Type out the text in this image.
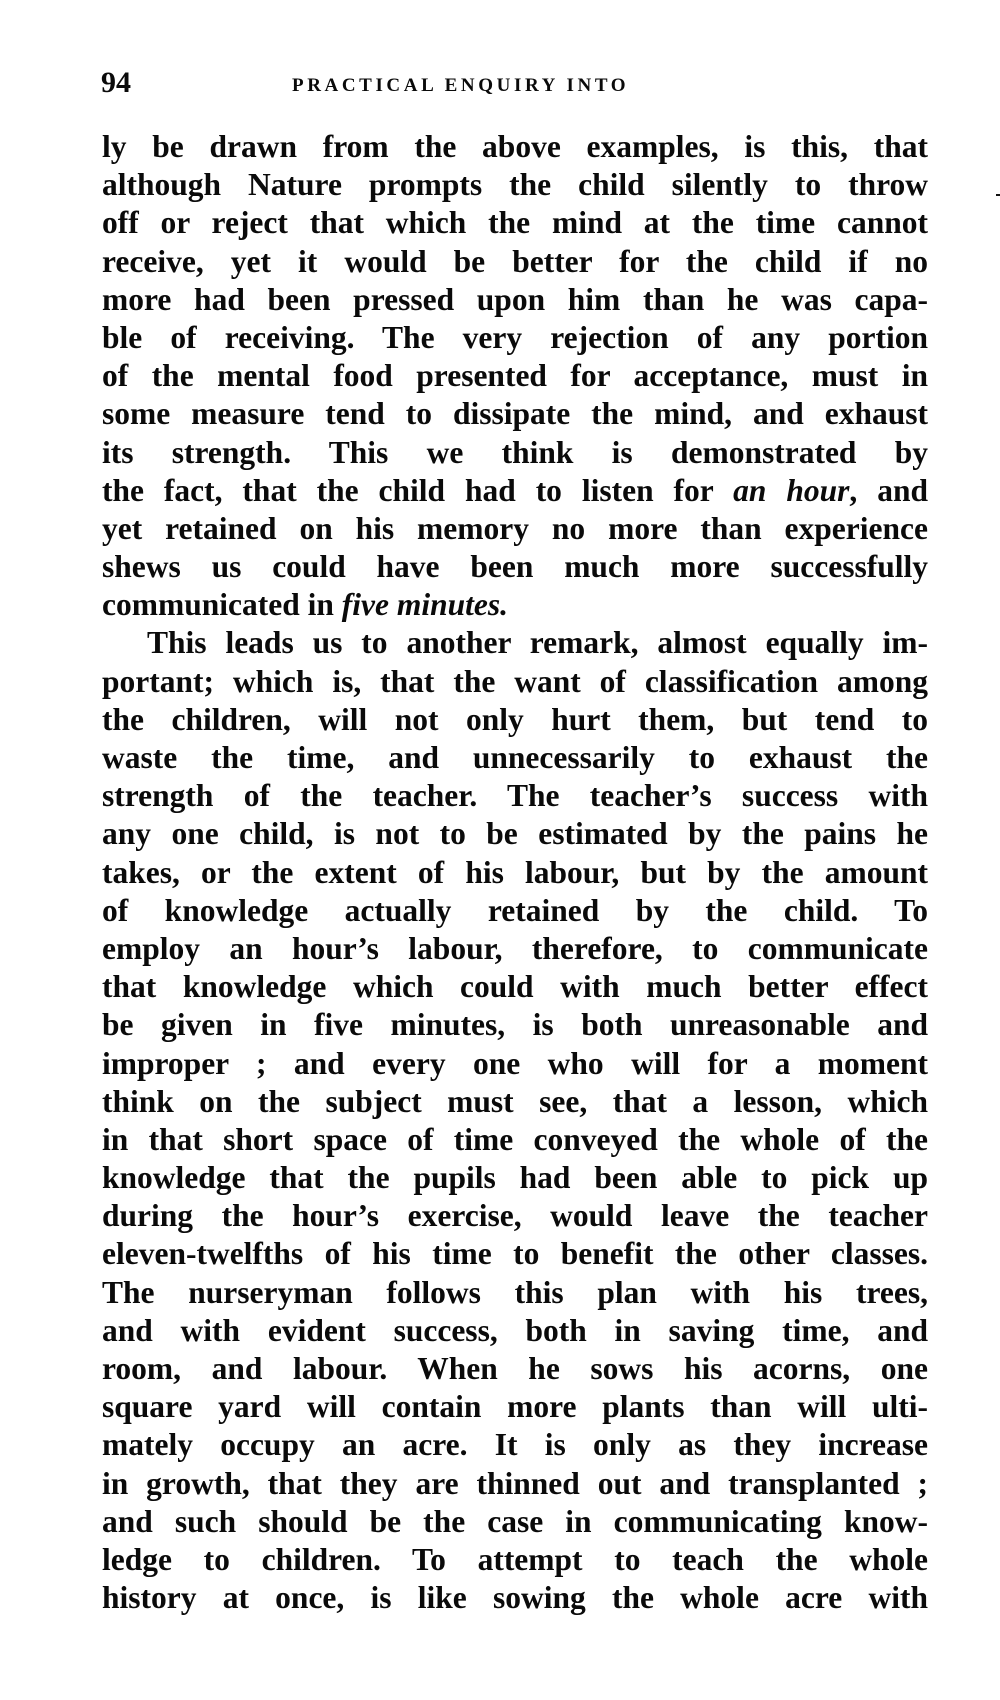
94	PRACTICAL ENQUIRY INTO
ly be drawn from the above examples, is this, that
although Nature prompts the child silently to throw
off or reject that which the mind at the time cannot
receive, yet it would be better for the child if no
more had been pressed upon him than he was capa-
ble of receiving. The very rejection of any portion
of the mental food presented for acceptance, must in
some measure tend to dissipate the mind, and exhaust
its strength. This we think is demonstrated by
the fact, that the child had to listen for an hour, and
yet retained on his memory no more than experience
shews us could have been much more successfully
communicated in five minutes.
This leads us to another remark, almost equally im-
portant; which is, that the want of classification among
the children, will not only hurt them, but tend to
waste the time, and unnecessarily to exhaust the
strength of the teacher. The teacher’s success with
any one child, is not to be estimated by the pains he
takes, or the extent of his labour, but by the amount
of knowledge actually retained by the child. To
employ an hour’s labour, therefore, to communicate
that knowledge which could with much better effect
be given in five minutes, is both unreasonable and
improper ; and every one who will for a moment
think on the subject must see, that a lesson, which
in that short space of time conveyed the whole of the
knowledge that the pupils had been able to pick up
during the hour’s exercise, would leave the teacher
eleven-twelfths of his time to benefit the other classes.
The nurseryman follows this plan with his trees,
and with evident success, both in saving time, and
room, and labour. When he sows his acorns, one
square yard will contain more plants than will ulti-
mately occupy an acre. It is only as they increase
in growth, that they are thinned out and transplanted ;
and such should be the case in communicating know-
ledge to children. To attempt to teach the whole
history at once, is like sowing the whole acre with
